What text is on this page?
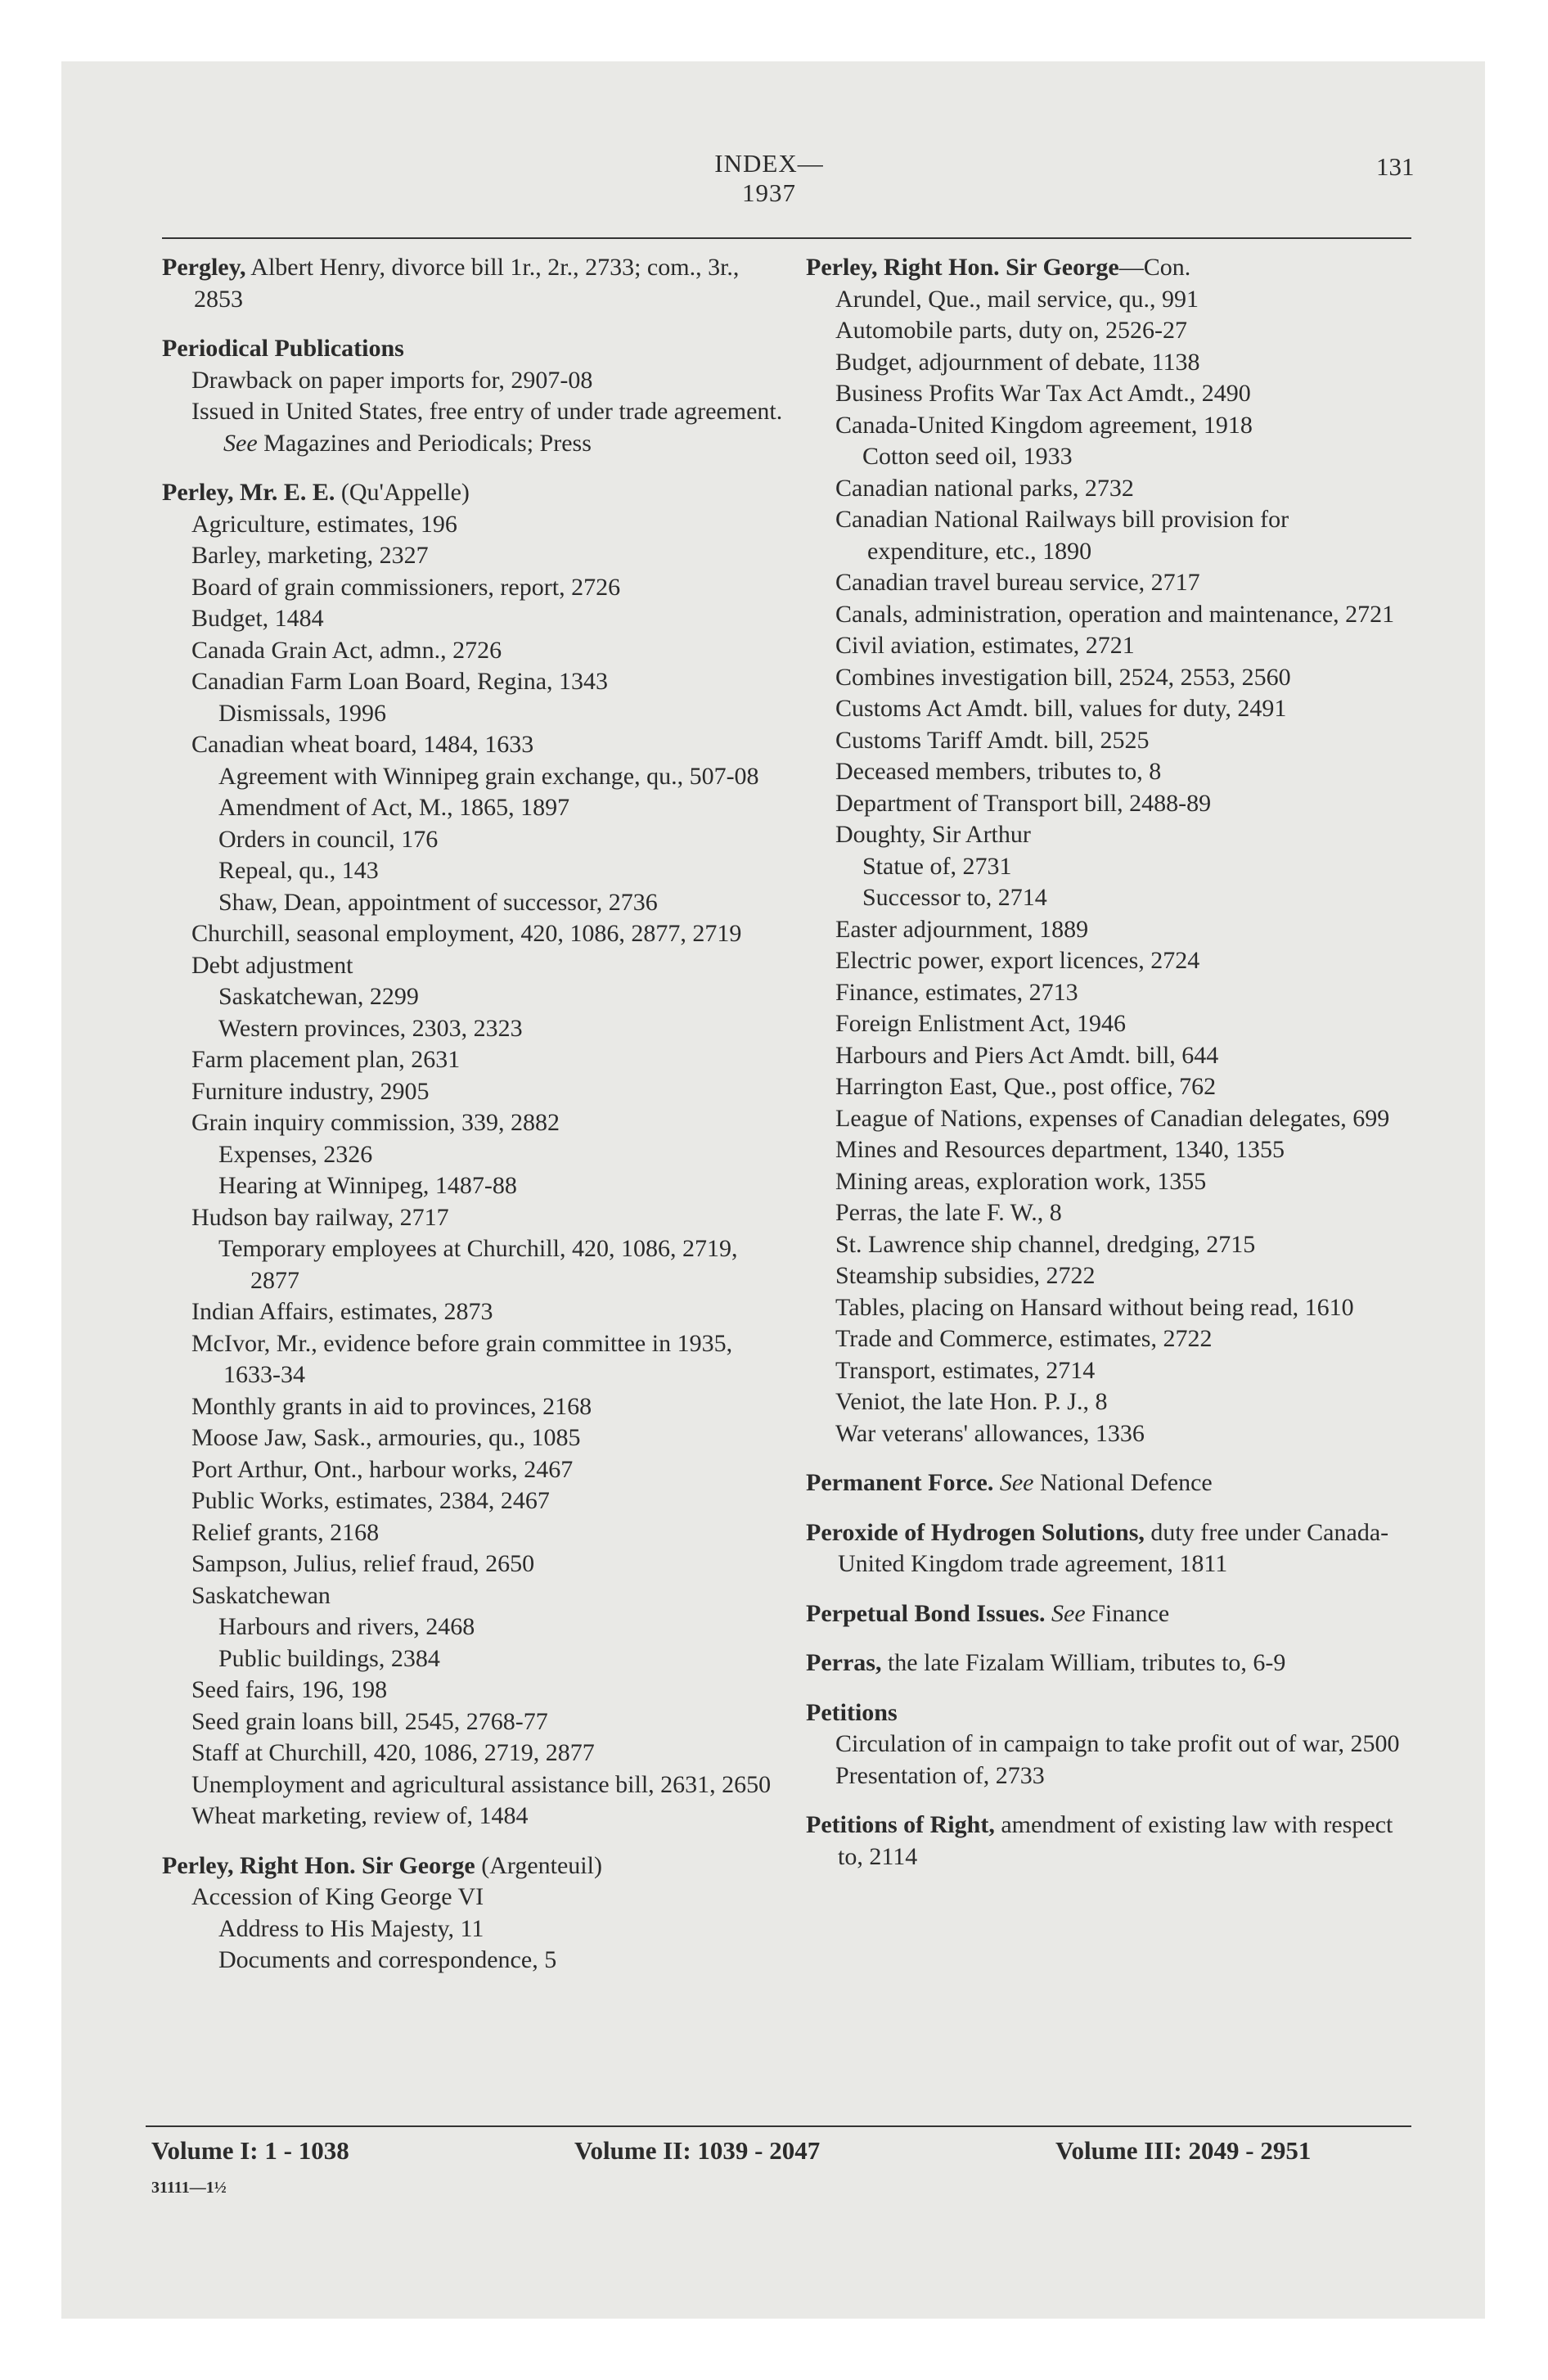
INDEX—1937
131
Pergley, Albert Henry, divorce bill 1r., 2r., 2733; com., 3r., 2853
Periodical Publications
Drawback on paper imports for, 2907-08
Issued in United States, free entry of under trade agreement. See Magazines and Periodicals; Press
Perley, Mr. E. E. (Qu'Appelle)
Agriculture, estimates, 196
Barley, marketing, 2327
Board of grain commissioners, report, 2726
Budget, 1484
Canada Grain Act, admn., 2726
Canadian Farm Loan Board, Regina, 1343
Dismissals, 1996
Canadian wheat board, 1484, 1633
Agreement with Winnipeg grain exchange, qu., 507-08
Amendment of Act, M., 1865, 1897
Orders in council, 176
Repeal, qu., 143
Shaw, Dean, appointment of successor, 2736
Churchill, seasonal employment, 420, 1086, 2877, 2719
Debt adjustment
Saskatchewan, 2299
Western provinces, 2303, 2323
Farm placement plan, 2631
Furniture industry, 2905
Grain inquiry commission, 339, 2882
Expenses, 2326
Hearing at Winnipeg, 1487-88
Hudson bay railway, 2717
Temporary employees at Churchill, 420, 1086, 2719, 2877
Indian Affairs, estimates, 2873
McIvor, Mr., evidence before grain committee in 1935, 1633-34
Monthly grants in aid to provinces, 2168
Moose Jaw, Sask., armouries, qu., 1085
Port Arthur, Ont., harbour works, 2467
Public Works, estimates, 2384, 2467
Relief grants, 2168
Sampson, Julius, relief fraud, 2650
Saskatchewan
Harbours and rivers, 2468
Public buildings, 2384
Seed fairs, 196, 198
Seed grain loans bill, 2545, 2768-77
Staff at Churchill, 420, 1086, 2719, 2877
Unemployment and agricultural assistance bill, 2631, 2650
Wheat marketing, review of, 1484
Perley, Right Hon. Sir George (Argenteuil)
Accession of King George VI
Address to His Majesty, 11
Documents and correspondence, 5
Perley, Right Hon. Sir George—Con.
Arundel, Que., mail service, qu., 991
Automobile parts, duty on, 2526-27
Budget, adjournment of debate, 1138
Business Profits War Tax Act Amdt., 2490
Canada-United Kingdom agreement, 1918
Cotton seed oil, 1933
Canadian national parks, 2732
Canadian National Railways bill provision for expenditure, etc., 1890
Canadian travel bureau service, 2717
Canals, administration, operation and maintenance, 2721
Civil aviation, estimates, 2721
Combines investigation bill, 2524, 2553, 2560
Customs Act Amdt. bill, values for duty, 2491
Customs Tariff Amdt. bill, 2525
Deceased members, tributes to, 8
Department of Transport bill, 2488-89
Doughty, Sir Arthur
Statue of, 2731
Successor to, 2714
Easter adjournment, 1889
Electric power, export licences, 2724
Finance, estimates, 2713
Foreign Enlistment Act, 1946
Harbours and Piers Act Amdt. bill, 644
Harrington East, Que., post office, 762
League of Nations, expenses of Canadian delegates, 699
Mines and Resources department, 1340, 1355
Mining areas, exploration work, 1355
Perras, the late F. W., 8
St. Lawrence ship channel, dredging, 2715
Steamship subsidies, 2722
Tables, placing on Hansard without being read, 1610
Trade and Commerce, estimates, 2722
Transport, estimates, 2714
Veniot, the late Hon. P. J., 8
War veterans' allowances, 1336
Permanent Force. See National Defence
Peroxide of Hydrogen Solutions, duty free under Canada-United Kingdom trade agreement, 1811
Perpetual Bond Issues. See Finance
Perras, the late Fizalam William, tributes to, 6-9
Petitions
Circulation of in campaign to take profit out of war, 2500
Presentation of, 2733
Petitions of Right, amendment of existing law with respect to, 2114
Volume I: 1 - 1038	Volume II: 1039 - 2047	Volume III: 2049 - 2951
31111—1½
